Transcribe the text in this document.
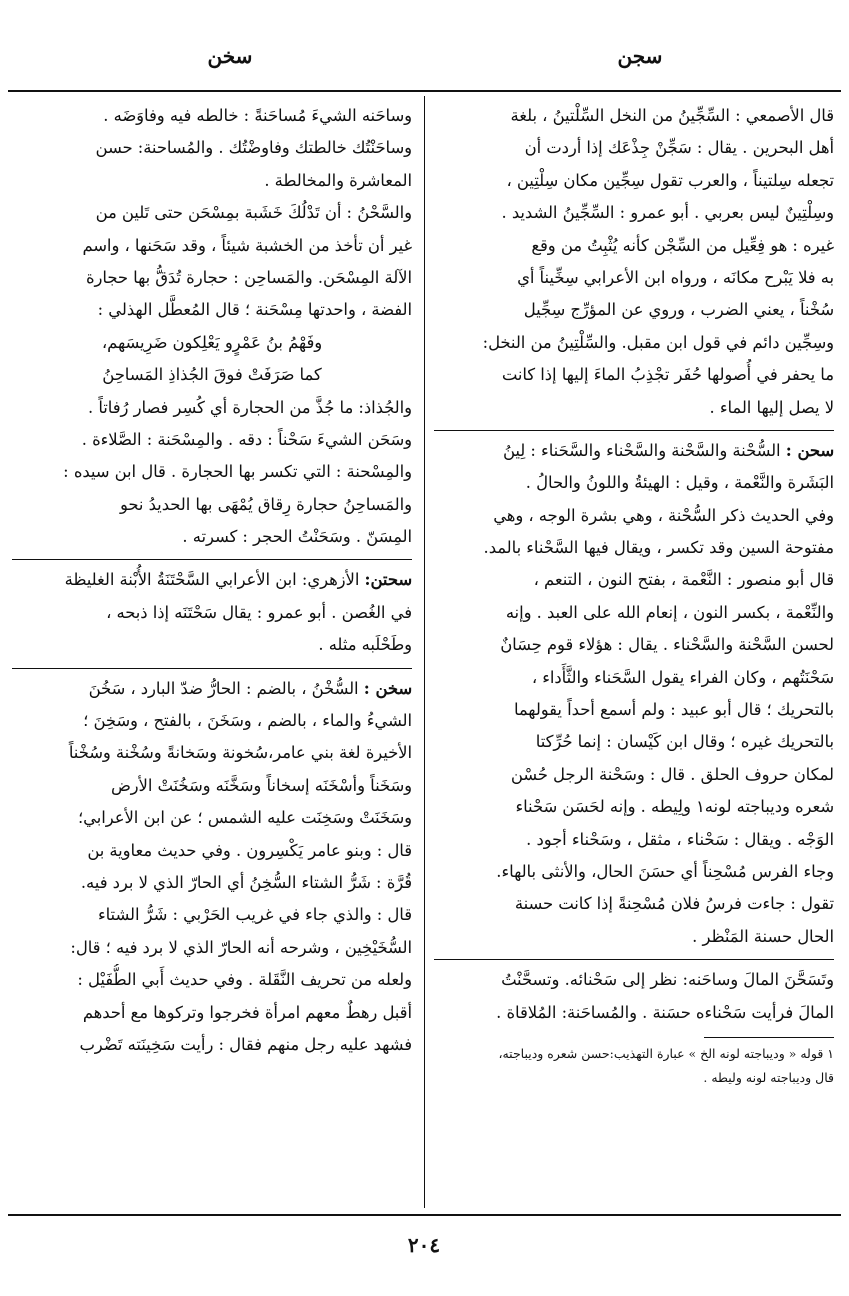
سجن
سخن
قال الأصمعي : السِّجِّينُ من النخل السِّلْتينُ ، بلغة
أهل البحرين . يقال : سَجِّنْ جِذْعَك إذا أردت أن
تجعله سِلتيناً ، والعرب تقول سِجِّين مكان سِلْتِين ،
وسِلْتِينٌ ليس بعربي . أبو عمرو : السِّجِّينُ الشديد .
غيره : هو فِعِّيل من السِّجْن كأنه يُثْبِتُ من وقع
به فلا يَبْرح مكانَه ، ورواه ابن الأعرابي سِخِّيناً أي
سُخْناً ، يعني الضرب ، وروي عن المؤرِّج سِجِّيل
وسِجِّين دائم في قول ابن مقبل. والسِّلْتِينُ من النخل:
ما يحفر في أُصولها حُفَر تجْذِبُ الماءَ إليها إذا كانت
لا يصل إليها الماء .
سحن : السُّحْنة والسَّحْنة والسَّحْناء والسَّحَناء : لِينُ
البَشَرة والنَّعْمة ، وقيل : الهيئةُ واللونُ والحالُ .
وفي الحديث ذكر السُّحْنة ، وهي بشرة الوجه ، وهي
مفتوحة السين وقد تكسر ، ويقال فيها السَّحْناء بالمد.
قال أبو منصور : النَّعْمة ، بفتح النون ، التنعم ،
والنِّعْمة ، بكسر النون ، إنعام الله على العبد . وإنه
لحسن السَّحْنة والسَّحْناء . يقال : هؤلاء قوم حِسَانٌ
سَحْنَتُهم ، وكان الفراء يقول السَّحَناء والثَّأَداء ،
بالتحريك ؛ قال أبو عبيد : ولم أسمع أحداً يقولهما
بالتحريك غيره ؛ وقال ابن كَيْسان : إنما حُرِّكتا
لمكان حروف الحلق . قال : وسَحْنة الرجل حُسْن
شعره وديباجته لونه١ ولِيطه . وإنه لحَسَن سَحْناء
الوَجْه . ويقال : سَحْناء ، مثقل ، وسَحْناء أجود .
وجاء الفرس مُسْحِناً أي حسَنَ الحال، والأنثى بالهاء.
تقول : جاءت فرسُ فلان مُسْحِنةً إذا كانت حسنة
الحال حسنة المَنْظر .
وتَسَحَّنَ المالَ وساحَنه: نظر إلى سَحْنائه. وتسحَّنْتُ
المالَ فرأيت سَحْناءه حسَنة . والمُساحَنة: المُلاقاة .
١ قوله « وديباجته لونه الخ » عبارة التهذيب:حسن شعره وديباجته،
قال وديباجته لونه وليطه .
وساحَنه الشيءَ مُساحَنةً : خالطه فيه وفاوَضَه .
وساحَنْتُك خالطتك وفاوضْتُك . والمُساحنة: حسن
المعاشرة والمخالطة .
والسَّحْنُ : أن تَدْلُكَ خَشَبة بمِسْحَن حتى تَلين من
غير أن تأخذ من الخشبة شيئاً ، وقد سَحَنها ، واسم
الآلة المِسْحَن. والمَساحِن : حجارة تُدَقُّ بها حجارة
الفضة ، واحدتها مِسْحَنة ؛ قال المُعطَّل الهذلي :
وفَهْمُ بنُ عَمْرٍو يَعْلِكون ضَرِيسَهم،
كما صَرَفَتْ فوقَ الجُذاذِ المَساحِنُ
والجُذاذ: ما جُذَّ من الحجارة أي كُسِر فصار رُفاتاً .
وسَحَن الشيءَ سَحْناً : دقه . والمِسْحَنة : الصَّلاءة .
والمِسْحنة : التي تكسر بها الحجارة . قال ابن سيده :
والمَساحِنُ حجارة رِقاق يُمْهَى بها الحديدُ نحو
المِسَنّ . وسَحَنْتُ الحجر : كسرته .
سحتن: الأزهري: ابن الأعرابي السَّحْتَنَةُ الأُبْنة الغليظة
في الغُصن . أبو عمرو : يقال سَحْتَنَه إذا ذبحه ،
وطَحْلَبه مثله .
سخن : السُّخْنُ ، بالضم : الحارُّ ضدّ البارد ، سَخُنَ
الشيءُ والماء ، بالضم ، وسَخَنَ ، بالفتح ، وسَخِنَ ؛
الأخيرة لغة بني عامر،سُخونة وسَخانةً وسُخْنة وسُخْناً
وسَخَناً وأسْخَنَه إسخاناً وسَخَّنَه وسَخُنَتْ الأرض
وسَخَنَتْ وسَخِنَت عليه الشمس ؛ عن ابن الأعرابي؛
قال : وبنو عامر يَكْسِرون . وفي حديث معاوية بن
قُرَّة : شَرُّ الشتاء السُّخِنُ أي الحارّ الذي لا برد فيه.
قال : والذي جاء في غريب الحَرْبي : شَرُّ الشتاء
السُّخَيْخِين ، وشرحه أنه الحارّ الذي لا برد فيه ؛ قال:
ولعله من تحريف النَّقَلة . وفي حديث أَبي الطُّفَيْل :
أقبل رهطٌ معهم امرأة فخرجوا وتركوها مع أحدهم
فشهد عليه رجل منهم فقال : رأيت سَخِينَته تَضْرب
٢٠٤
